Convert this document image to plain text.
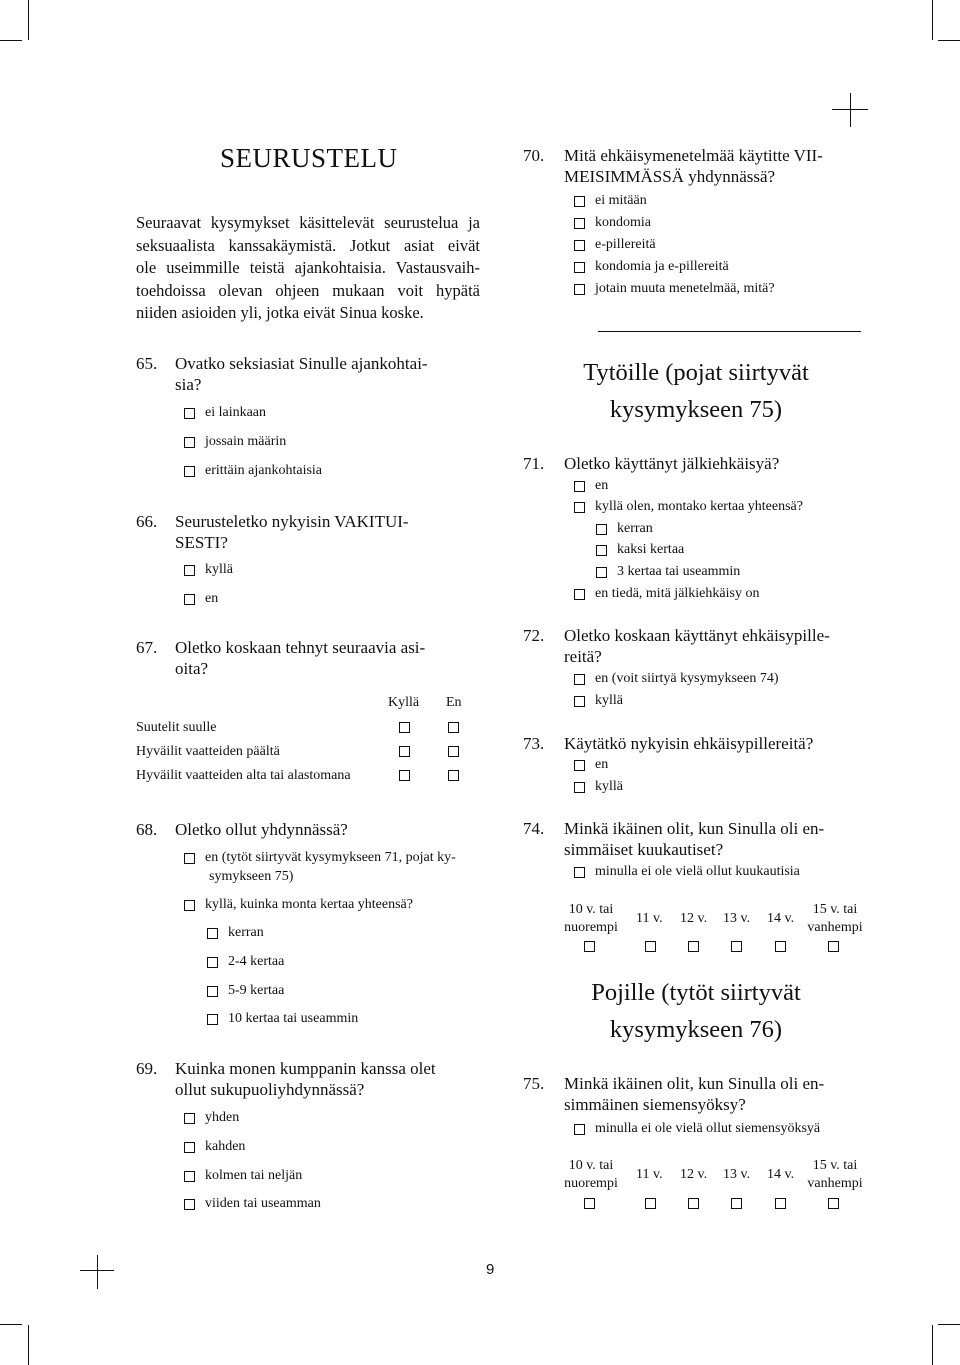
SEURUSTELU
Seuraavat kysymykset käsittelevät seurustelua ja
seksuaalista kanssakäymistä. Jotkut asiat eivät
ole useimmille teistä ajankohtaisia. Vastausvaih-
toehdoissa olevan ohjeen mukaan voit hypätä
niiden asioiden yli, jotka eivät Sinua koske.
65. Ovatko seksiasiat Sinulle ajankohtai-
sia?
ei lainkaan
jossain määrin
erittäin ajankohtaisia
66. Seurusteletko nykyisin VAKITUI-
SESTI?
kyllä
en
67. Oletko koskaan tehnyt seuraavia asi-
oita?
Kyllä En
Suutelit suulle
Hyväilit vaatteiden päältä
Hyväilit vaatteiden alta tai alastomana
68. Oletko ollut yhdynnässä?
en (tytöt siirtyvät kysymykseen 71, pojat ky-
symykseen 75)
kyllä, kuinka monta kertaa yhteensä?
kerran
2-4 kertaa
5-9 kertaa
10 kertaa tai useammin
69. Kuinka monen kumppanin kanssa olet
ollut sukupuoliyhdynnässä?
yhden
kahden
kolmen tai neljän
viiden tai useamman
70. Mitä ehkäisymenetelmää käytitte VII-
MEISIMMÄSSÄ yhdynnässä?
ei mitään
kondomia
e-pillereitä
kondomia ja e-pillereitä
jotain muuta menetelmää, mitä?
Tytöille (pojat siirtyvät
kysymykseen 75)
71. Oletko käyttänyt jälkiehkäisyä?
en
kyllä olen, montako kertaa yhteensä?
kerran
kaksi kertaa
3 kertaa tai useammin
en tiedä, mitä jälkiehkäisy on
72. Oletko koskaan käyttänyt ehkäisypille-
reitä?
en (voit siirtyä kysymykseen 74)
kyllä
73. Käytätkö nykyisin ehkäisypillereitä?
en
kyllä
74. Minkä ikäinen olit, kun Sinulla oli en-
simmäiset kuukautiset?
minulla ei ole vielä ollut kuukautisia
10 v. tai
nuorempi
11 v. 12 v. 13 v. 14 v.
15 v. tai
vanhempi
Pojille (tytöt siirtyvät
kysymykseen 76)
75. Minkä ikäinen olit, kun Sinulla oli en-
simmäinen siemensyöksy?
minulla ei ole vielä ollut siemensyöksyä
10 v. tai
nuorempi
11 v. 12 v. 13 v. 14 v.
15 v. tai
vanhempi
9
